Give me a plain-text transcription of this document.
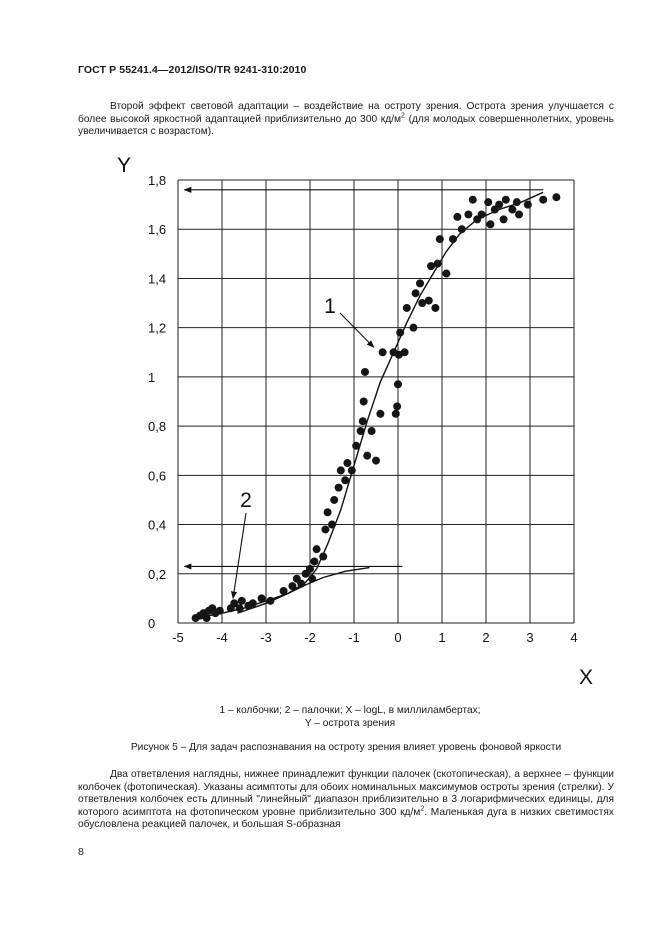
ГОСТ Р 55241.4—2012/ISO/TR 9241-310:2010

Второй эффект световой адаптации – воздействие на остроту зрения. Острота зрения улучшается с более высокой яркостной адаптацией приблизительно до 300 $кд/м^2$ (для молодых совершеннолетних, уровень увеличивается с возрастом).

-5 -4 -3 -2 -1	0	1	2	3	4
0
0,2
0,4
0,6
0,8
1
1,2
1,4
1,6
1,8
X
Y
1
2
1 – колбочки; 2 – палочки; X – logL, в миллиламбертах;
Y – острота зрения
Рисунок 5 – Для задач распознавания на остроту зрения влияет уровень фоновой яркости

Два ответвления наглядны, нижнее принадлежит функции палочек (скотопическая), а верхнее – функции колбочек (фотопическая). Указаны асимптоты для обоих номинальных максимумов остроты зрения (стрелки). У ответвления колбочек есть длинный "линейный" диапазон приблизительно в 3 логарифмических единицы, для которого асимптота на фотопическом уровне приблизительно 300 $кд/м^2$. Маленькая дуга в низких светимостях обусловлена реакцией палочек, и большая S-образная

8
